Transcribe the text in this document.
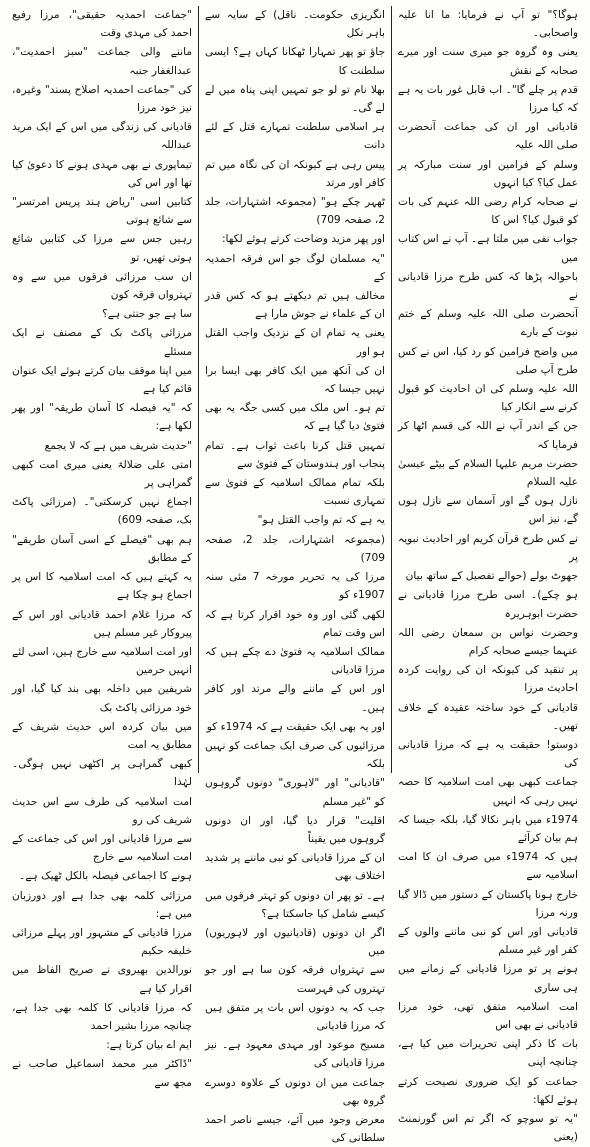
ہوگا؟" تو آپ نے فرمایا: ما انا علیہ واصحابی۔

یعنی وہ گروہ جو میری سنت اور میرے صحابہ کے نقش

قدم پر چلے گا"۔ اب قابل غور بات یہ ہے کہ کیا مرزا

قادیانی اور ان کی جماعت آنحضرت صلی اللہ علیہ

وسلم کے فرامین اور سنت مبارکہ پر عمل کیا؟ کیا انہوں

نے صحابہ کرام رضی اللہ عنہم کی بات کو قبول کیا؟ اس کا

جواب نفی میں ملتا ہے۔ آپ نے اس کتاب میں

باحوالہ پڑھا کہ کس طرح مرزا قادیانی نے

آنحضرت صلی اللہ علیہ وسلم کے ختم نبوت کے بارے

میں واضح فرامین کو رد کیا، اس نے کس طرح آپ صلی

اللہ علیہ وسلم کی ان احادیث کو قبول کرنے سے انکار کیا

جن کے اندر آپ نے اللہ کی قسم اٹھا کر فرمایا کہ

حضرت مریم علیہا السلام کے بیٹے عیسیٰ علیہ السلام

نازل ہوں گے اور آسمان سے نازل ہوں گے، نیز اس

نے کس طرح قرآن کریم اور احادیث نبویہ پر

جھوٹ بولے (حوالے تفصیل کے ساتھ بیان

ہو چکے)۔ اسی طرح مرزا قادیانی نے حضرت ابوہریرہ

وحضرت نواس بن سمعان رضی اللہ عنہما جیسے صحابہ کرام

پر تنقید کی کیونکہ ان کی روایت کردہ احادیث مرزا

قادیانی کے خود ساختہ عقیدہ کے خلاف تھیں۔

دوستو! حقیقت یہ ہے کہ مرزا قادیانی کی

جماعت کبھی بھی امت اسلامیہ کا حصہ نہیں رہی کہ انہیں

1974ء میں باہر نکالا گیا، بلکہ جیسا کہ ہم بیان کرآئے

ہیں کہ 1974ء میں صرف ان کا امت اسلامیہ سے

خارج ہونا پاکستان کے دستور میں ڈالا گیا ورنہ مرزا

قادیانی اور اس کو نبی ماننے والوں کے کفر اور غیر مسلم

ہونے پر تو مرزا قادیانی کے زمانے میں ہی ساری

امت اسلامیہ متفق تھی، خود مرزا قادیانی نے بھی اس

بات کا ذکر اپنی تحریرات میں کیا ہے، چنانچہ اپنی

جماعت کو ایک ضروری نصیحت کرتے ہوئے لکھا:

"یہ تو سوچو کہ اگر تم اس گورنمنٹ (یعنی

انگریزی حکومت۔ ناقل) کے سایہ سے باہر نکل

جاؤ تو پھر تمہارا ٹھکانا کہاں ہے؟ ایسی سلطنت کا

بھلا نام تو لو جو تمہیں اپنی پناہ میں لے لے گی۔

ہر اسلامی سلطنت تمہارے قتل کے لئے دانت

پیس رہی ہے کیونکہ ان کی نگاہ میں تم کافر اور مرتد

ٹھہر چکے ہو" (مجموعہ اشتہارات، جلد 2، صفحہ 709)

اور پھر مزید وضاحت کرتے ہوئے لکھا:

"یہ مسلمان لوگ جو اس فرقہ احمدیہ کے

مخالف ہیں تم دیکھتے ہو کہ کس قدر ان کے علماء نے جوش مارا ہے

یعنی یہ تمام ان کے نزدیک واجب القتل ہو اور

ان کی آنکھ میں ایک کافر بھی ایسا برا نہیں جیسا کہ

تم ہو۔ اس ملک میں کسی جگہ یہ بھی فتویٰ دیا گیا ہے کہ

تمہیں قتل کرنا باعث ثواب ہے۔ تمام پنجاب اور ہندوستان کے فتویٰ سے

بلکہ تمام ممالک اسلامیہ کے فتویٰ سے تمہاری نسبت

یہ ہے کہ تم واجب القتل ہو"

(مجموعہ اشتہارات، جلد 2، صفحہ 709)

مرزا کی یہ تحریر مورخہ 7 مئی سنہ 1907ء کو

لکھی گئی اور وہ خود اقرار کرتا ہے کہ اس وقت تمام

ممالک اسلامیہ یہ فتویٰ دے چکے ہیں کہ مرزا قادیانی

اور اس کے ماننے والے مرتد اور کافر ہیں۔

اور یہ بھی ایک حقیقت ہے کہ 1974ء کو

مرزائیوں کی صرف ایک جماعت کو نہیں بلکہ

"قادیانی" اور "لاہوری" دونوں گروہوں کو "غیر مسلم

اقلیت" قرار دیا گیا، اور ان دونوں گروہوں میں یقیناً

ان کے مرزا قادیانی کو نبی ماننے پر شدید اختلاف بھی

ہے۔ تو پھر ان دونوں کو تہتر فرقوں میں کیسے شامل کیا جاسکتا ہے؟

اگر ان دونوں (قادیانیوں اور لاہوریوں) میں

سے تہترواں فرقہ کون سا ہے اور جو تہتروں کی فہرست

جب کہ یہ دونوں اس بات پر متفق ہیں کہ مرزا قادیانی

مسیح موعود اور مہدی معہود ہے۔ نیز مرزا قادیانی کی

جماعت میں ان دونوں کے علاوہ دوسرے گروہ بھی

معرض وجود میں آئے، جیسے ناصر احمد سلطانی کی

"جماعت احمدیہ حقیقی"، مرزا رفیع احمد کی مہدی وقت

ماننے والی جماعت "سبز احمدیت"، عبدالغفار جنبہ

کی "جماعت احمدیہ اصلاح پسند" وغیرہ، نیز خود مرزا

قادیانی کی زندگی میں اس کے ایک مرید عبداللہ

تیماپوری نے بھی مہدی ہونے کا دعویٰ کیا تھا اور اس کی

کتابیں اسی "ریاض ہند پریس امرتسر" سے شائع ہوتی

رہیں جس سے مرزا کی کتابیں شائع ہوتی تھیں، تو

ان سب مرزائی فرقوں میں سے وہ تہترواں فرقہ کون

سا ہے جو جنتی ہے؟

مرزائی پاکٹ بک کے مصنف نے ایک مسئلے

میں اپنا موقف بیان کرتے ہوئے ایک عنوان قائم کیا ہے

کہ "یہ فیصلہ کا آسان طریقہ" اور پھر لکھا ہے:

"حدیث شریف میں ہے کہ لا یجمع

امتی علی ضلالۃ یعنی میری امت کبھی گمراہی پر

اجماع نہیں کرسکتی"۔ (مرزائی پاکٹ بک، صفحہ 609)

ہم بھی "فیصلے کے اسی آسان طریقے" کے مطابق

یہ کہتے ہیں کہ امت اسلامیہ کا اس پر اجماع ہو چکا ہے

کہ مرزا غلام احمد قادیانی اور اس کے پیروکار غیر مسلم ہیں

اور امت اسلامیہ سے خارج ہیں، اسی لئے انہیں حرمین

شریفین میں داخلہ بھی بند کیا گیا، اور خود مرزائی پاکٹ بک

میں بیان کردہ اس حدیث شریف کے مطابق یہ امت

کبھی گمراہی پر اکٹھی نہیں ہوگی۔ لہٰذا

امت اسلامیہ کی طرف سے اس حدیث شریف کی رو

سے مرزا قادیانی اور اس کی جماعت کے امت اسلامیہ سے خارج

ہونے کا اجماعی فیصلہ بالکل ٹھیک ہے۔

مرزائی کلمہ بھی جدا ہے اور دورزبان میں ہے:

مرزا قادیانی کے مشہور اور پہلے مرزائی خلیفہ حکیم

نورالدین بھیروی نے صریح الفاظ میں اقرار کیا ہے

کہ مرزا قادیانی کا کلمہ بھی جدا ہے، چنانچہ مرزا بشیر احمد

ایم اے بیان کرتا ہے:

"ڈاکٹر میر محمد اسماعیل صاحب نے مجھ سے
